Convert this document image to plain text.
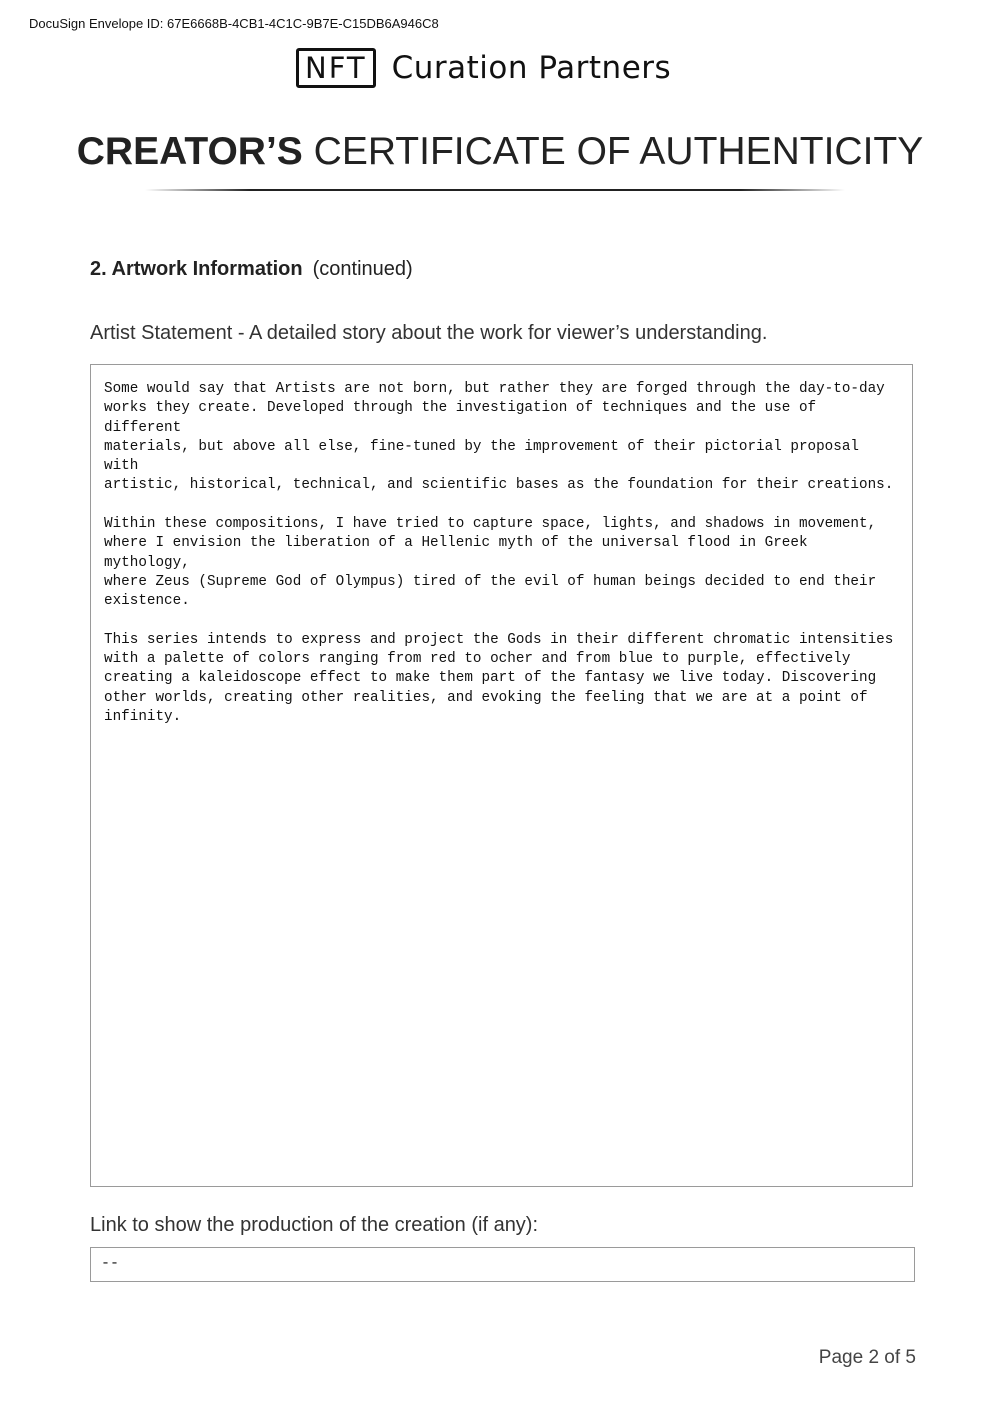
DocuSign Envelope ID: 67E6668B-4CB1-4C1C-9B7E-C15DB6A946C8
NFT Curation Partners
CREATOR’S CERTIFICATE OF AUTHENTICITY
2. Artwork Information (continued)
Artist Statement - A detailed story about the work for viewer’s understanding.

Some would say that Artists are not born, but rather they are forged through the day-to-day
works they create. Developed through the investigation of techniques and the use of different
materials, but above all else, fine-tuned by the improvement of their pictorial proposal with
artistic, historical, technical, and scientific bases as the foundation for their creations.

Within these compositions, I have tried to capture space, lights, and shadows in movement,
where I envision the liberation of a Hellenic myth of the universal flood in Greek mythology,
where Zeus (Supreme God of Olympus) tired of the evil of human beings decided to end their
existence.

This series intends to express and project the Gods in their different chromatic intensities
with a palette of colors ranging from red to ocher and from blue to purple, effectively
creating a kaleidoscope effect to make them part of the fantasy we live today. Discovering
other worlds, creating other realities, and evoking the feeling that we are at a point of
infinity.

Link to show the production of the creation (if any):
--
Page 2 of 5
